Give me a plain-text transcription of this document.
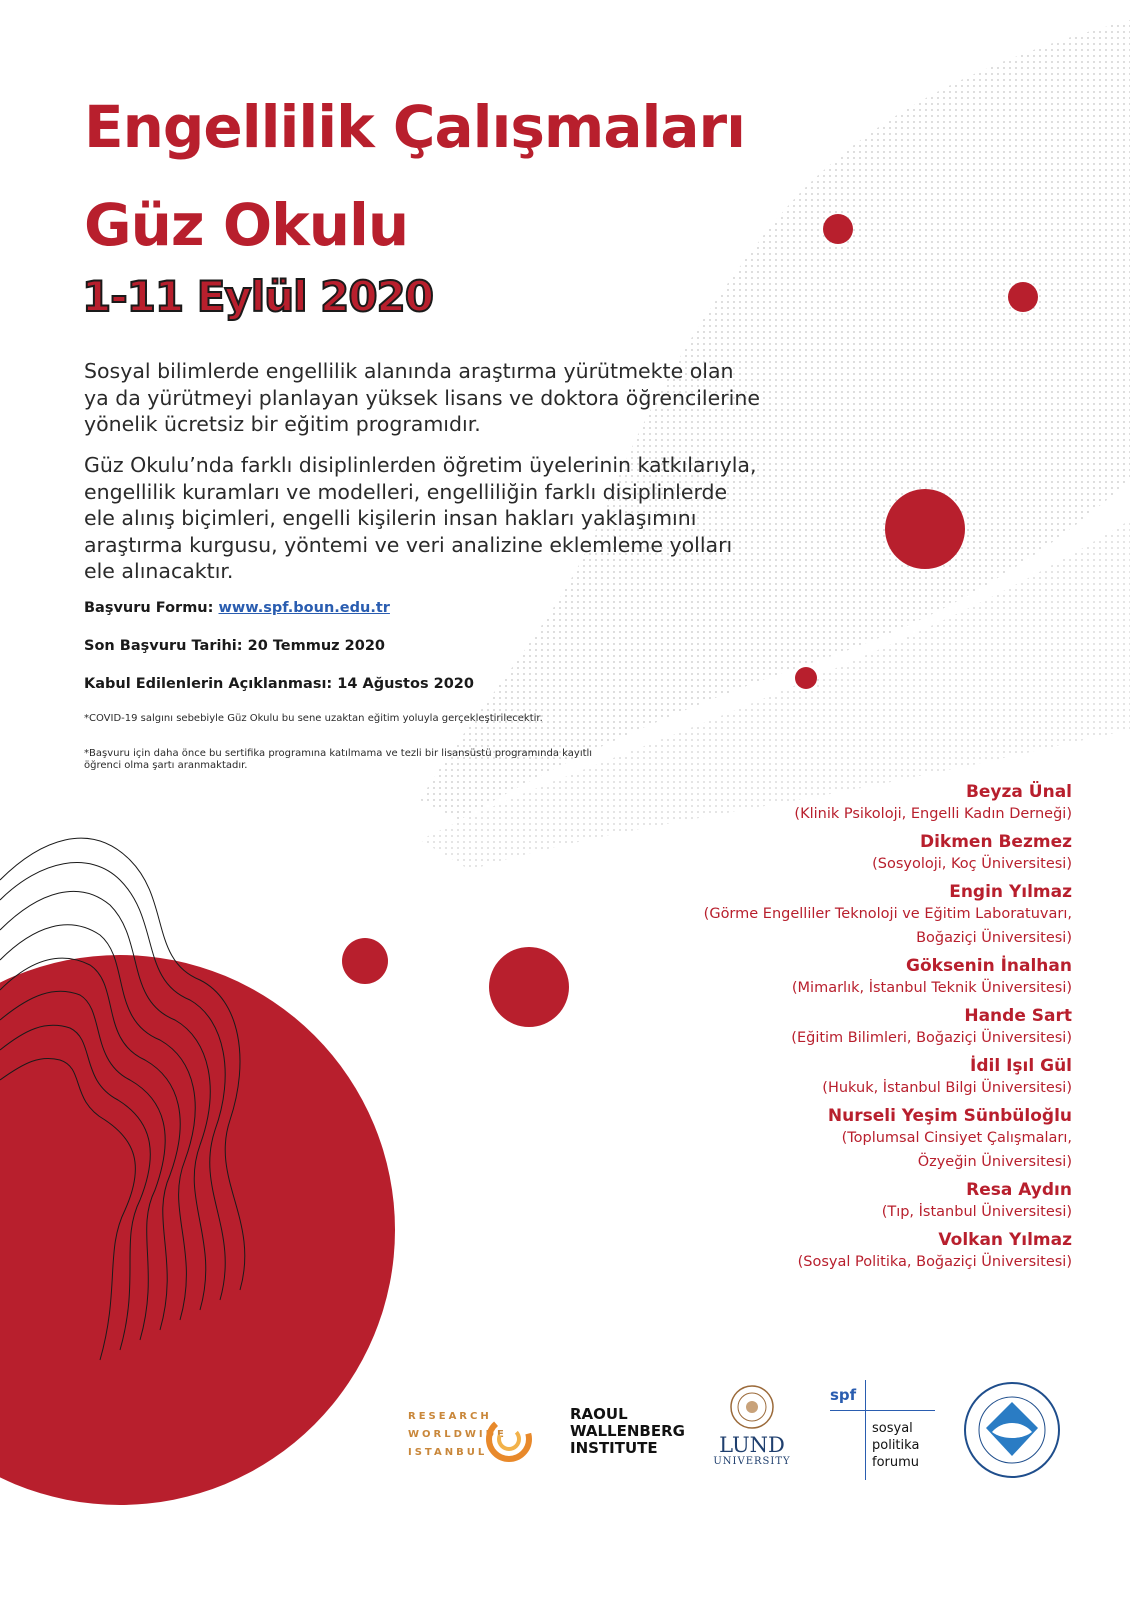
Engellilik Çalışmaları
Güz Okulu
1-11 Eylül 2020
Sosyal bilimlerde engellilik alanında araştırma yürütmekte olan ya da yürütmeyi planlayan yüksek lisans ve doktora öğrencilerine yönelik ücretsiz bir eğitim programıdır.
Güz Okulu’nda farklı disiplinlerden öğretim üyelerinin katkılarıyla, engellilik kuramları ve modelleri, engelliliğin farklı disiplinlerde ele alınış biçimleri, engelli kişilerin insan hakları yaklaşımını araştırma kurgusu, yöntemi ve veri analizine eklemleme yolları ele alınacaktır.
Başvuru Formu: www.spf.boun.edu.tr
Son Başvuru Tarihi: 20 Temmuz 2020
Kabul Edilenlerin Açıklanması: 14 Ağustos 2020
*COVID-19 salgını sebebiyle Güz Okulu bu sene uzaktan eğitim yoluyla gerçekleştirilecektir.
*Başvuru için daha önce bu sertifika programına katılmama ve tezli bir lisansüstü programında kayıtlı öğrenci olma şartı aranmaktadır.
Beyza Ünal
(Klinik Psikoloji, Engelli Kadın Derneği)
Dikmen Bezmez
(Sosyoloji, Koç Üniversitesi)
Engin Yılmaz
(Görme Engelliler Teknoloji ve Eğitim Laboratuvarı,
Boğaziçi Üniversitesi)
Göksenin İnalhan
(Mimarlık, İstanbul Teknik Üniversitesi)
Hande Sart
(Eğitim Bilimleri, Boğaziçi Üniversitesi)
İdil Işıl Gül
(Hukuk, İstanbul Bilgi Üniversitesi)
Nurseli Yeşim Sünbüloğlu
(Toplumsal Cinsiyet Çalışmaları,
Özyeğin Üniversitesi)
Resa Aydın
(Tıp, İstanbul Üniversitesi)
Volkan Yılmaz
(Sosyal Politika, Boğaziçi Üniversitesi)
RESEARCH
WORLDWIDE
ISTANBUL
RAOUL
WALLENBERG
INSTITUTE	LUND
UNIVERSITY
spf
sosyal
politika
forumu
